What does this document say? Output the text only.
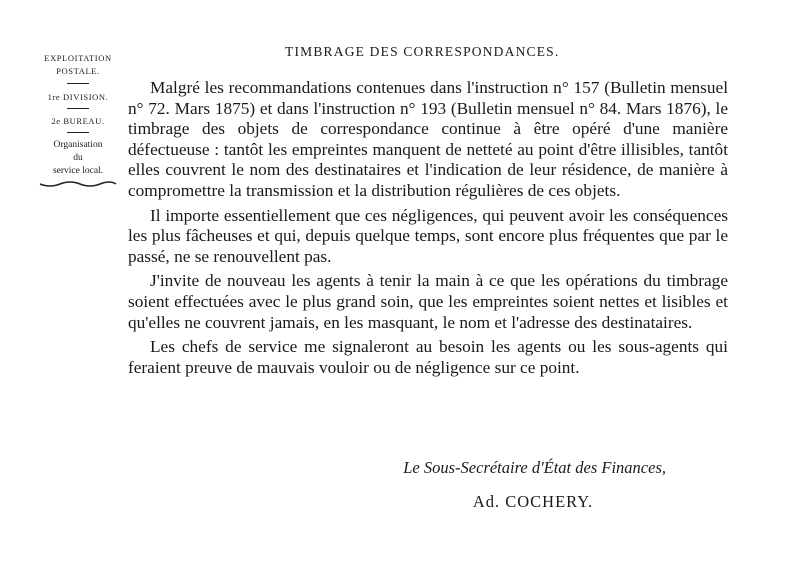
TIMBRAGE DES CORRESPONDANCES.
EXPLOITATION
POSTALE.
1re DIVISION.
2e BUREAU.
Organisation
du
service local.

Malgré les recommandations contenues dans l'instruction n° 157 (Bulletin mensuel n° 72. Mars 1875) et dans l'instruction n° 193 (Bulletin mensuel n° 84. Mars 1876), le timbrage des objets de correspondance continue à être opéré d'une manière défectueuse : tantôt les empreintes manquent de netteté au point d'être illisibles, tantôt elles couvrent le nom des destinataires et l'indication de leur résidence, de manière à compromettre la transmission et la distribution régulières de ces objets.

Il importe essentiellement que ces négligences, qui peuvent avoir les conséquences les plus fâcheuses et qui, depuis quelque temps, sont encore plus fréquentes que par le passé, ne se renouvellent pas.

J'invite de nouveau les agents à tenir la main à ce que les opérations du timbrage soient effectuées avec le plus grand soin, que les empreintes soient nettes et lisibles et qu'elles ne couvrent jamais, en les masquant, le nom et l'adresse des destinataires.

Les chefs de service me signaleront au besoin les agents ou les sous-agents qui feraient preuve de mauvais vouloir ou de négligence sur ce point.

Le Sous-Secrétaire d'État des Finances,
Ad. COCHERY.
